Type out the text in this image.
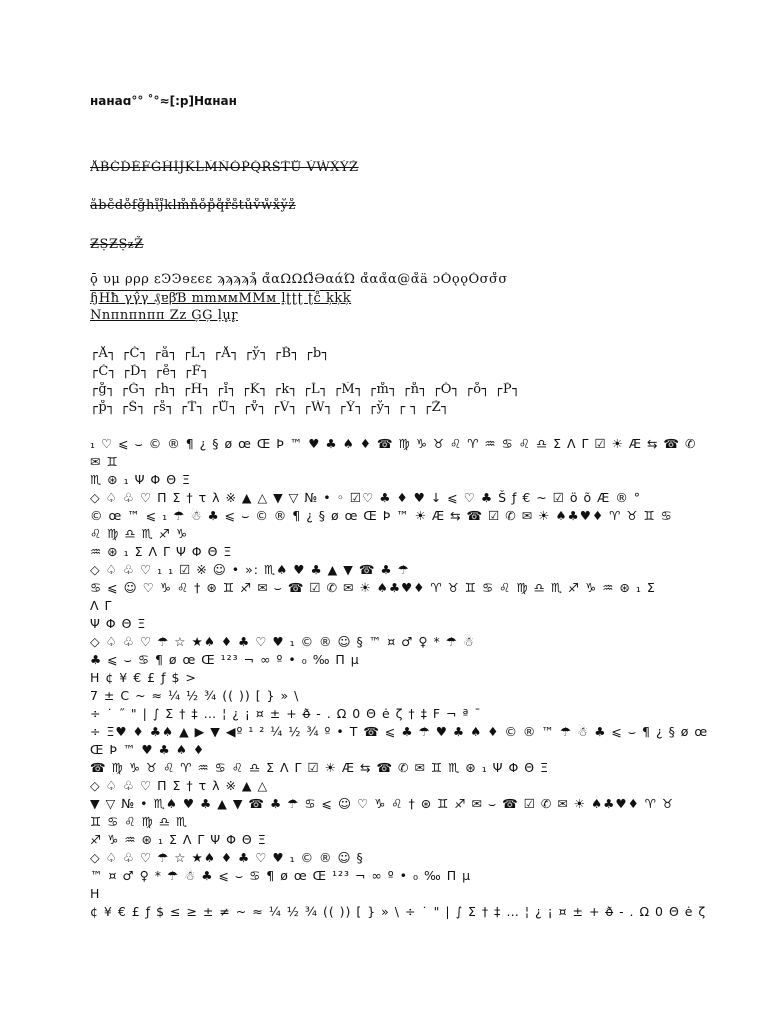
нанаɑ°° ˚°≈[:p]Hαнан
ÅB̊C̊D̊E̊F̊G̊H̊I̊J̊K̊L̊M̊N̊O̊P̊Q̊R̊S̊T̊Ů V̊W̊X̊Y̊Z̊
åb̊c̊d̊e̊f̊g̊h̊i̊j̊k̊l̊m̊n̊o̊p̊q̊r̊s̊t̊ův̊ẘx̊ẙz̊
ƵṢƵṢᵶƵ̊
ǭ υμ ρρρ εϿϿɘεєε ϡϡϡϡϡ̊ α̊αΩΩΩ̊ƏαάΏ α̊αα̊α@α̊ǟ ᴐO̊ǫǫO̊σσ̊σ
ɧHħ γγ̂γ ₰ɐβƁ mmммMMм ḷ̣ʈ̣ʈ̣ʈ ʈc̊ ķķķ
Nnпnпnпп Zz ĢĢ ḷu̥r̥
┌Å┐ ┌C̊┐ ┌å┐ ┌L̊┐ ┌Å┐ ┌ẙ┐ ┌B̊┐ ┌b̊┐
┌C̊┐ ┌D̊┐ ┌e̊┐ ┌F̊┐
┌g̊┐ ┌G̊┐ ┌ḣ┐ ┌H̊┐ ┌i̊┐ ┌K̊┐ ┌k̊┐ ┌L̊┐ ┌M̊┐ ┌m̊┐ ┌n̊┐ ┌O̊┐ ┌o̊┐ ┌P̊┐
┌p̊┐ ┌S̊┐ ┌s̊┐ ┌T̊┐ ┌Ů┐ ┌v̊┐ ┌V̊┐ ┌W̊┐ ┌Y̊┐ ┌ẙ┐ ┌ ┐ ┌Z̊┐
₁ ♡ ⩽ ⌣ © ® ¶ ¿ § ø œ Œ Þ ™ ♥ ♣ ♠ ♦ ☎ ♍ ♑ ♉ ♌ ♈ ♒ ♋ ♌ ♎ Σ Λ Γ ☑ ☀ Æ ⇆ ☎ ✆
✉ ♊
♏ ⊛ ₁ Ψ Φ Θ Ξ
◇ ♤ ♧ ♡ Π Σ † τ λ ※ ▲ △ ▼ ▽ № • ◦ ☑♡ ♣ ♦ ♥ ↓ ⩽ ♡ ♣ Š ƒ € ~ ☑ ö õ Æ ® °
© œ ™ ⩽ ₁ ☂ ☃ ♣ ⩽ ⌣ © ® ¶ ¿ § ø œ Œ Þ ™ ☀ Æ ⇆ ☎ ☑ ✆ ✉ ☀ ♠♣♥♦ ♈ ♉ ♊ ♋
♌ ♍ ♎ ♏ ♐ ♑
♒ ⊛ ₁ Σ Λ Γ Ψ Φ Θ Ξ
◇ ♤ ♧ ♡ ₁ ₁ ☑ ※ ☺ • »: ♏♠ ♥ ♣ ▲ ▼ ☎ ♣ ☂
♋ ⩽ ☺ ♡ ♑ ♌ † ⊛ ♊ ♐ ✉ ⌣ ☎ ☑ ✆ ✉ ☀ ♠♣♥♦ ♈ ♉ ♊ ♋ ♌ ♍ ♎ ♏ ♐ ♑ ♒ ⊛ ₁ Σ
Λ Γ
Ψ Φ Θ Ξ
◇ ♤ ♧ ♡ ☂ ☆ ★♠ ♦ ♣ ♡ ♥ ₁ © ® ☺ § ™ ¤ ♂ ♀ * ☂ ☃
♣ ⩽ ⌣ ♋ ¶ ø œ Œ ¹²³ ¬ ∞ º • ₀ ‰ Π µ
H ¢ ¥ € £ ƒ $ >
7 ± C ~ ≈ ¼ ½ ¾ (( )) [ } » \
÷ ˙ ˝ " | ∫ Σ † ‡ … ¦ ¿ ¡ ¤ ± + ð̶ - . Ω 0 Θ ė ζ † ‡ F ¬ ª ¯
÷ Ξ♥ ♦ ♣♠ ▲ ▶ ▼ ◀º ¹ ² ¼ ½ ¾ º • T ☎ ⩽ ♣ ☂ ♥ ♣ ♠ ♦ © ® ™ ☂ ☃ ♣ ⩽ ⌣ ¶ ¿ § ø œ
Œ Þ ™ ♥ ♣ ♠ ♦
☎ ♍ ♑ ♉ ♌ ♈ ♒ ♋ ♌ ♎ Σ Λ Γ ☑ ☀ Æ ⇆ ☎ ✆ ✉ ♊ ♏ ⊛ ₁ Ψ Φ Θ Ξ
◇ ♤ ♧ ♡ Π Σ † τ λ ※ ▲ △
▼ ▽ № • ♏♠ ♥ ♣ ▲ ▼ ☎ ♣ ☂ ♋ ⩽ ☺ ♡ ♑ ♌ † ⊛ ♊ ♐ ✉ ⌣ ☎ ☑ ✆ ✉ ☀ ♠♣♥♦ ♈ ♉
♊ ♋ ♌ ♍ ♎ ♏
♐ ♑ ♒ ⊛ ₁ Σ Λ Γ Ψ Φ Θ Ξ
◇ ♤ ♧ ♡ ☂ ☆ ★♠ ♦ ♣ ♡ ♥ ₁ © ® ☺ §
™ ¤ ♂ ♀ * ☂ ☃ ♣ ⩽ ⌣ ♋ ¶ ø œ Œ ¹²³ ¬ ∞ º • ₀ ‰ Π µ
H
¢ ¥ € £ ƒ $ ≤ ≥ ± ≠ ~ ≈ ¼ ½ ¾ (( )) [ } » \ ÷ ˙ " | ∫ Σ † ‡ … ¦ ¿ ¡ ¤ ± + ð̶ - . Ω 0 Θ ė ζ
